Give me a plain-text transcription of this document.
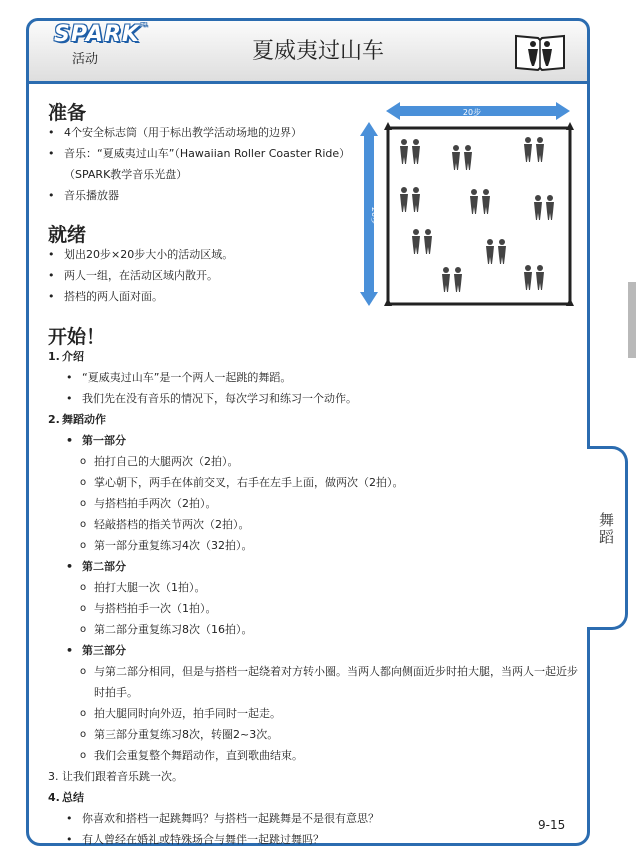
SPARK™
活动	夏威夷过山车
舞蹈
准备
• 4个安全标志筒（用于标出教学活动场地的边界）
• 音乐：“夏威夷过山车”（Hawaiian Roller Coaster Ride）
（SPARK教学音乐光盘）
• 音乐播放器
就绪
• 划出20步×20步大小的活动区域。
• 两人一组，在活动区域内散开。
• 搭档的两人面对面。
20步
20步
开始！
1. 介绍
• “夏威夷过山车”是一个两人一起跳的舞蹈。
• 我们先在没有音乐的情况下，每次学习和练习一个动作。
2. 舞蹈动作
• 第一部分
o 拍打自己的大腿两次（2拍）。
o 掌心朝下，两手在体前交叉，右手在左手上面，做两次（2拍）。
o 与搭档拍手两次（2拍）。
o 轻敲搭档的指关节两次（2拍）。
o 第一部分重复练习4次（32拍）。
• 第二部分
o 拍打大腿一次（1拍）。
o 与搭档拍手一次（1拍）。
o 第二部分重复练习8次（16拍）。
• 第三部分
o 与第二部分相同，但是与搭档一起绕着对方转小圈。当两人都向侧面近步时拍大腿，当两人一起近步时拍手。
o 拍大腿同时向外迈，拍手同时一起走。
o 第三部分重复练习8次，转圈2~3次。
o 我们会重复整个舞蹈动作，直到歌曲结束。
3. 让我们跟着音乐跳一次。
4. 总结
• 你喜欢和搭档一起跳舞吗？与搭档一起跳舞是不是很有意思？
• 有人曾经在婚礼或特殊场合与舞伴一起跳过舞吗？
9-15
